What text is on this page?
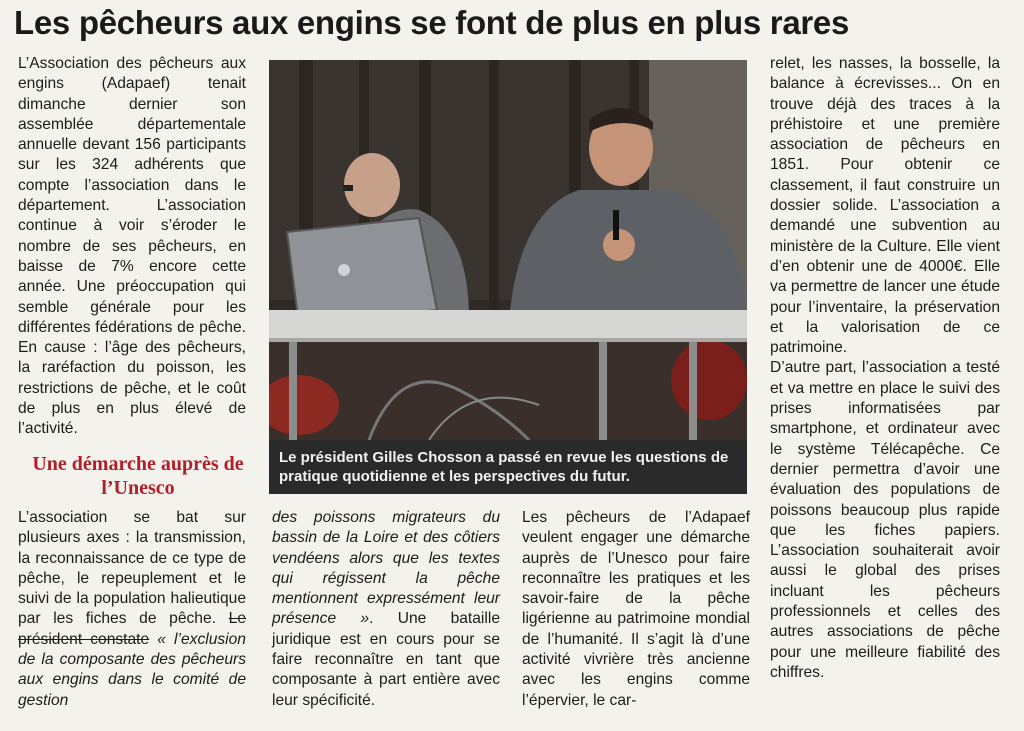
Les pêcheurs aux engins se font de plus en plus rares

L’Association des pêcheurs aux engins (Adapaef) tenait dimanche dernier son assemblée départementale annuelle devant 156 participants sur les 324 adhérents que compte l’association dans le département. L’association continue à voir s’éroder le nombre de ses pêcheurs, en baisse de 7% encore cette année. Une préoccupation qui semble générale pour les différentes fédérations de pêche. En cause : l’âge des pêcheurs, la raréfaction du poisson, les restrictions de pêche, et le coût de plus en plus élevé de l’activité.

Une démarche auprès de l’Unesco

L’association se bat sur plusieurs axes : la transmission, la reconnaissance de ce type de pêche, le repeuplement et le suivi de la population halieutique par les fiches de pêche. Le président constate « l’exclusion de la composante des pêcheurs aux engins dans le comité de gestion

des poissons migrateurs du bassin de la Loire et des côtiers vendéens alors que les textes qui régissent la pêche mentionnent expressément leur présence ». Une bataille juridique est en cours pour se faire reconnaître en tant que composante à part entière avec leur spécificité.

Les pêcheurs de l’Adapaef veulent engager une démarche auprès de l’Unesco pour faire reconnaître les pratiques et les savoir-faire de la pêche ligérienne au patrimoine mondial de l’humanité. Il s’agit là d’une activité vivrière très ancienne avec les engins comme l’épervier, le car-

relet, les nasses, la bosselle, la balance à écrevisses... On en trouve déjà des traces à la préhistoire et une première association de pêcheurs en 1851. Pour obtenir ce classement, il faut construire un dossier solide. L’association a demandé une subvention au ministère de la Culture. Elle vient d’en obtenir une de 4000€. Elle va permettre de lancer une étude pour l’inventaire, la préservation et la valorisation de ce patrimoine.

D’autre part, l’association a testé et va mettre en place le suivi des prises informatisées par smartphone, et ordinateur avec le système Télécapêche. Ce dernier permettra d’avoir une évaluation des populations de poissons beaucoup plus rapide que les fiches papiers. L’association souhaiterait avoir aussi le global des prises incluant les pêcheurs professionnels et celles des autres associations de pêche pour une meilleure fiabilité des chiffres.

Le président Gilles Chosson a passé en revue les questions de pratique quotidienne et les perspectives du futur.
